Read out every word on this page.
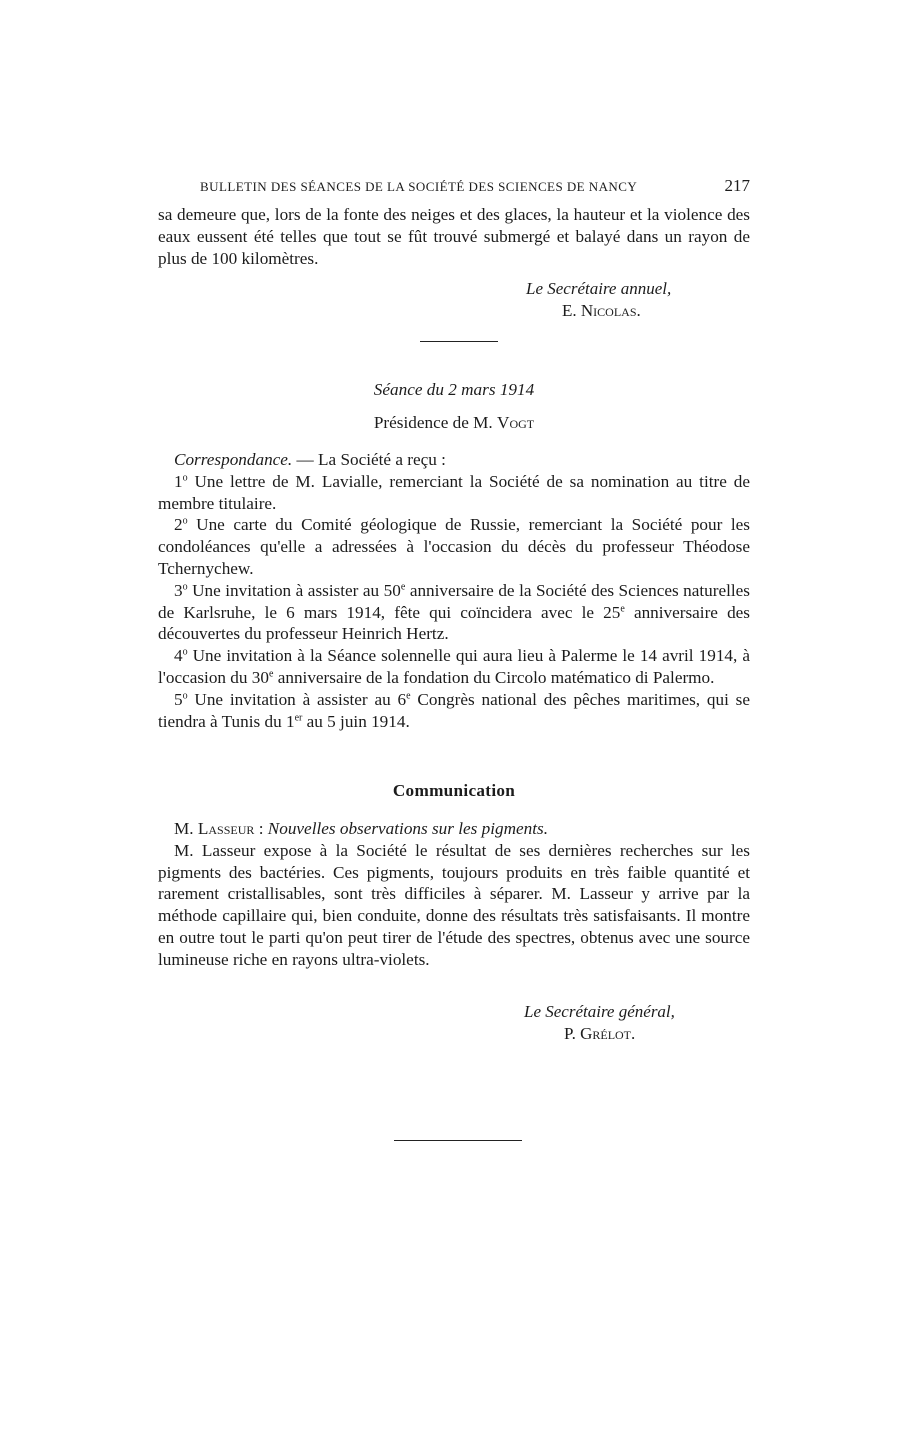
BULLETIN DES SÉANCES DE LA SOCIÉTÉ DES SCIENCES DE NANCY	217

sa demeure que, lors de la fonte des neiges et des glaces, la hauteur et la violence des eaux eussent été telles que tout se fût trouvé submergé et balayé dans un rayon de plus de 100 kilomètres.

Le Secrétaire annuel,
E. Nicolas.
Séance du 2 mars 1914
Présidence de M. Vogt

Correspondance. — La Société a reçu :

1$^o$ Une lettre de M. Lavialle, remerciant la Société de sa nomination au titre de membre titulaire.

2$^o$ Une carte du Comité géologique de Russie, remerciant la Société pour les condoléances qu'elle a adressées à l'occasion du décès du professeur Théodose Tchernychew.

3$^o$ Une invitation à assister au 50e anniversaire de la Société des Sciences naturelles de Karlsruhe, le 6 mars 1914, fête qui coïncidera avec le 25e anniversaire des découvertes du professeur Heinrich Hertz.

4$^o$ Une invitation à la Séance solennelle qui aura lieu à Palerme le 14 avril 1914, à l'occasion du 30e anniversaire de la fondation du Circolo matématico di Palermo.

5$^o$ Une invitation à assister au 6e Congrès national des pêches maritimes, qui se tiendra à Tunis du 1er au 5 juin 1914.

Communication

M. Lasseur : Nouvelles observations sur les pigments.

M. Lasseur expose à la Société le résultat de ses dernières recherches sur les pigments des bactéries. Ces pigments, toujours produits en très faible quantité et rarement cristallisables, sont très difficiles à séparer. M. Lasseur y arrive par la méthode capillaire qui, bien conduite, donne des résultats très satisfaisants. Il montre en outre tout le parti qu'on peut tirer de l'étude des spectres, obtenus avec une source lumineuse riche en rayons ultra-violets.

Le Secrétaire général,
P. Grélot.
